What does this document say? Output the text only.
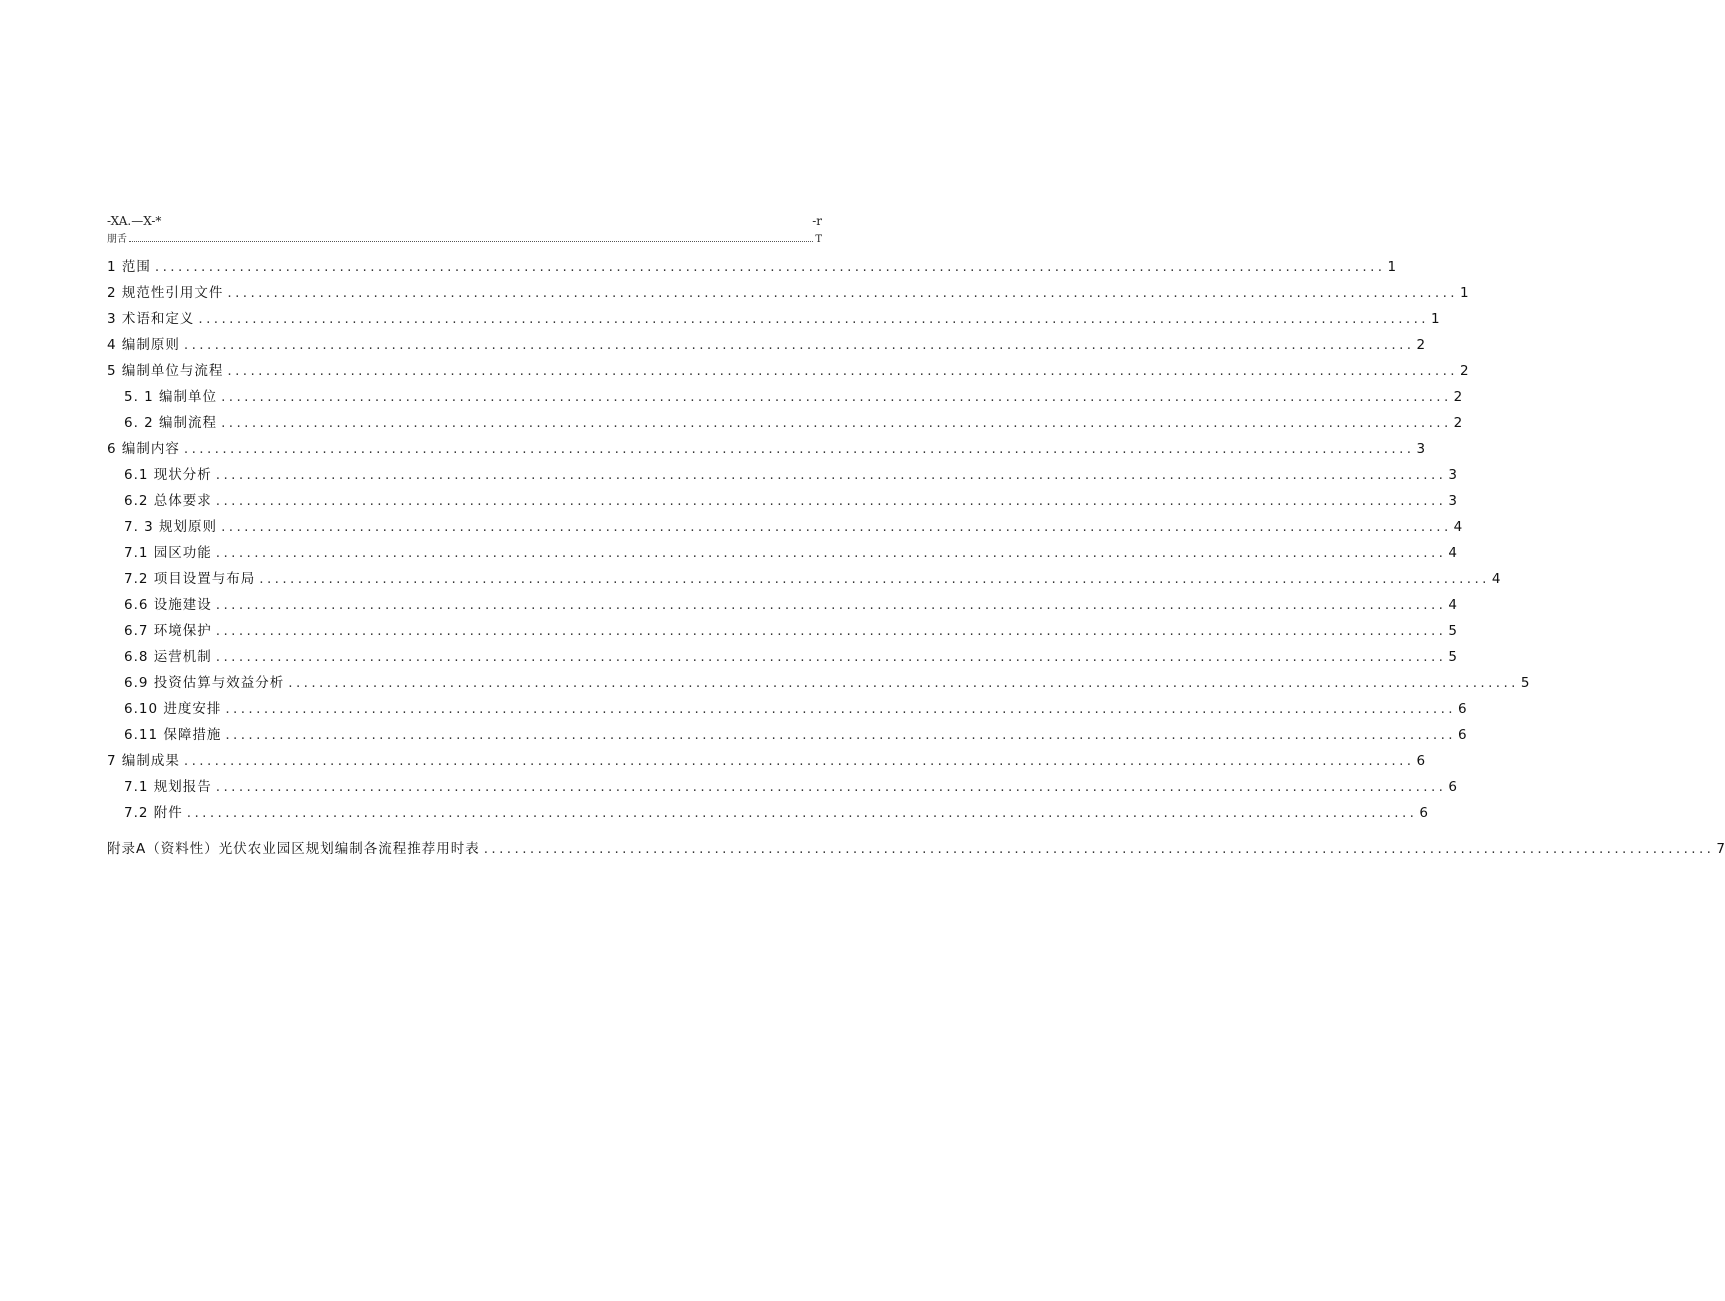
-XA.—X-*	-r
朋舌	T
1 范围 ................................................................................................................................................................ 1
2 规范性引用文件 ................................................................................................................................................................ 1
3 术语和定义 ................................................................................................................................................................ 1
4 编制原则 ................................................................................................................................................................ 2
5 编制单位与流程 ................................................................................................................................................................ 2
5. 1 编制单位 ................................................................................................................................................................ 2
6. 2 编制流程 ................................................................................................................................................................ 2
6 编制内容 ................................................................................................................................................................ 3
6.1 现状分析 ................................................................................................................................................................ 3
6.2 总体要求 ................................................................................................................................................................ 3
7. 3 规划原则 ................................................................................................................................................................ 4
7.1 园区功能 ................................................................................................................................................................ 4
7.2 项目设置与布局 ................................................................................................................................................................ 4
6.6 设施建设 ................................................................................................................................................................ 4
6.7 环境保护 ................................................................................................................................................................ 5
6.8 运营机制 ................................................................................................................................................................ 5
6.9 投资估算与效益分析 ................................................................................................................................................................ 5
6.10 进度安排 ................................................................................................................................................................ 6
6.11 保障措施 ................................................................................................................................................................ 6
7 编制成果 ................................................................................................................................................................ 6
7.1 规划报告 ................................................................................................................................................................ 6
7.2 附件 ................................................................................................................................................................ 6
附录A（资料性）光伏农业园区规划编制各流程推荐用时表 ................................................................................................................................................................ 7
